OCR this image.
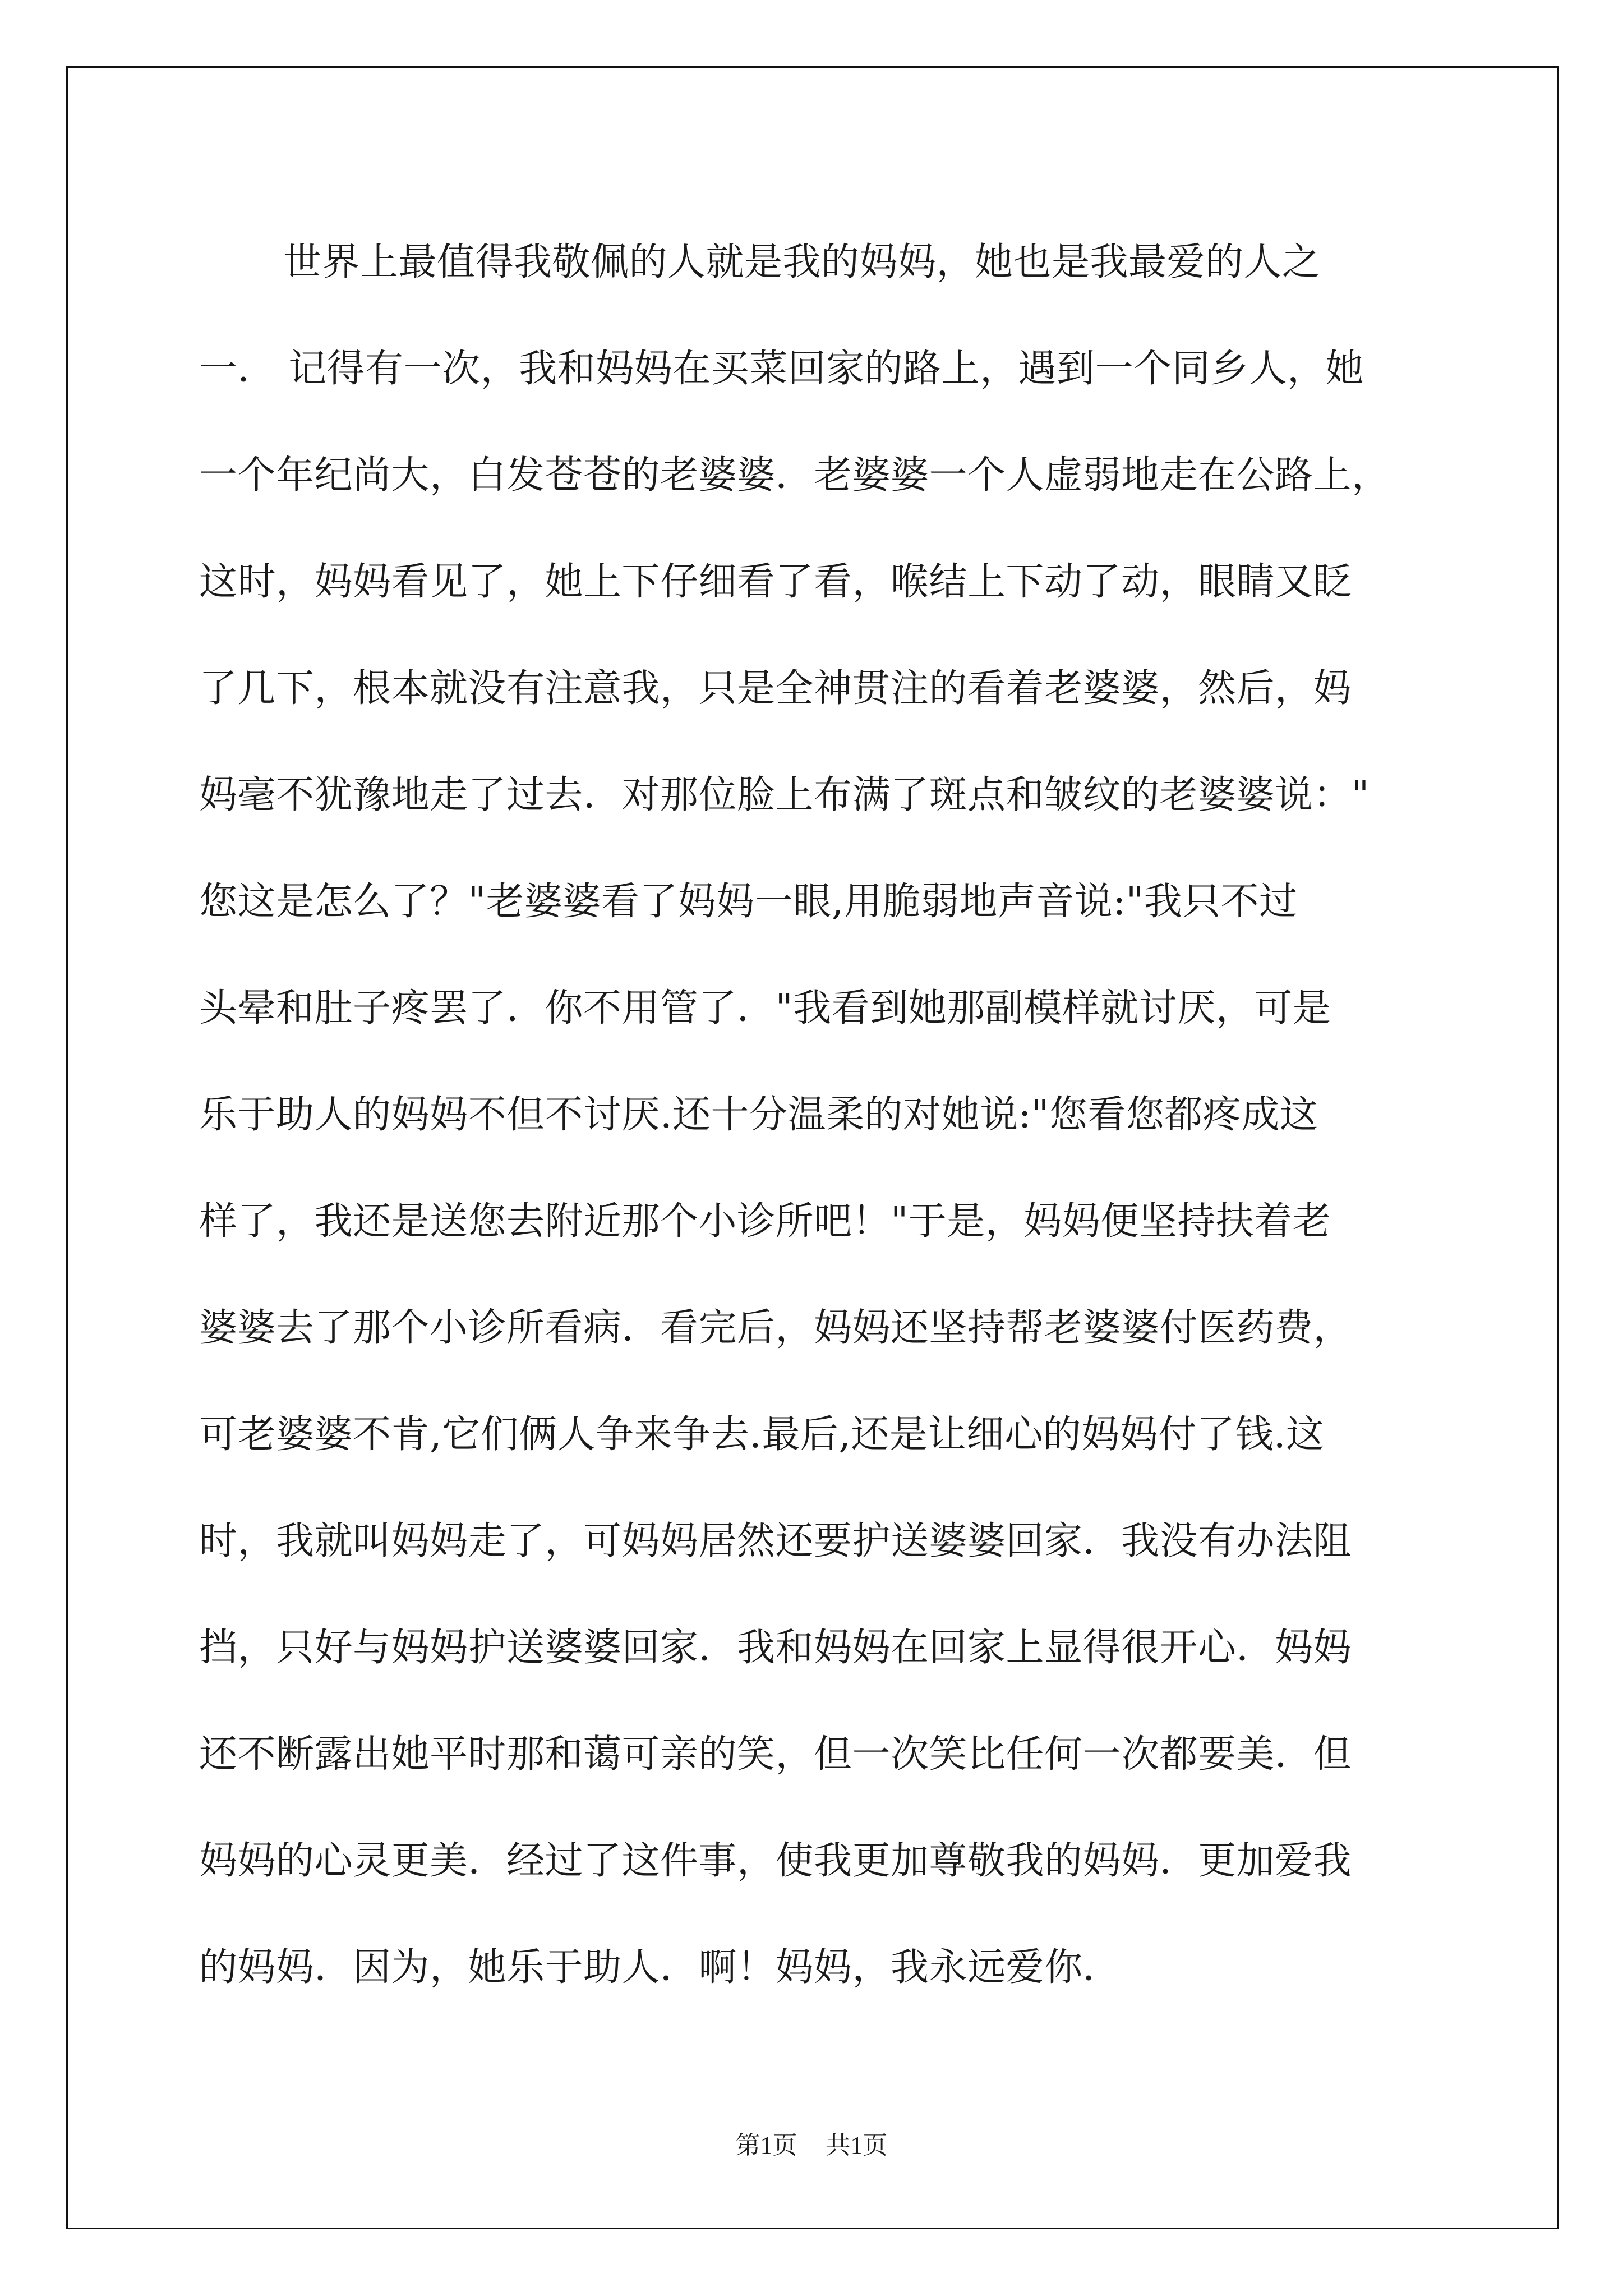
世界上最值得我敬佩的人就是我的妈妈，她也是我最爱的人之
一． 记得有一次，我和妈妈在买菜回家的路上，遇到一个同乡人，她
一个年纪尚大，白发苍苍的老婆婆．老婆婆一个人虚弱地走在公路上，
这时，妈妈看见了，她上下仔细看了看，喉结上下动了动，眼睛又眨
了几下，根本就没有注意我，只是全神贯注的看着老婆婆，然后，妈
妈毫不犹豫地走了过去．对那位脸上布满了斑点和皱纹的老婆婆说："
您这是怎么了？"老婆婆看了妈妈一眼,用脆弱地声音说:"我只不过
头晕和肚子疼罢了．你不用管了．"我看到她那副模样就讨厌，可是
乐于助人的妈妈不但不讨厌.还十分温柔的对她说:"您看您都疼成这
样了，我还是送您去附近那个小诊所吧！"于是，妈妈便坚持扶着老
婆婆去了那个小诊所看病．看完后，妈妈还坚持帮老婆婆付医药费，
可老婆婆不肯,它们俩人争来争去.最后,还是让细心的妈妈付了钱.这
时，我就叫妈妈走了，可妈妈居然还要护送婆婆回家．我没有办法阻
挡，只好与妈妈护送婆婆回家．我和妈妈在回家上显得很开心．妈妈
还不断露出她平时那和蔼可亲的笑，但一次笑比任何一次都要美．但
妈妈的心灵更美．经过了这件事，使我更加尊敬我的妈妈．更加爱我
的妈妈．因为，她乐于助人．啊！妈妈，我永远爱你．
第1页 共1页
